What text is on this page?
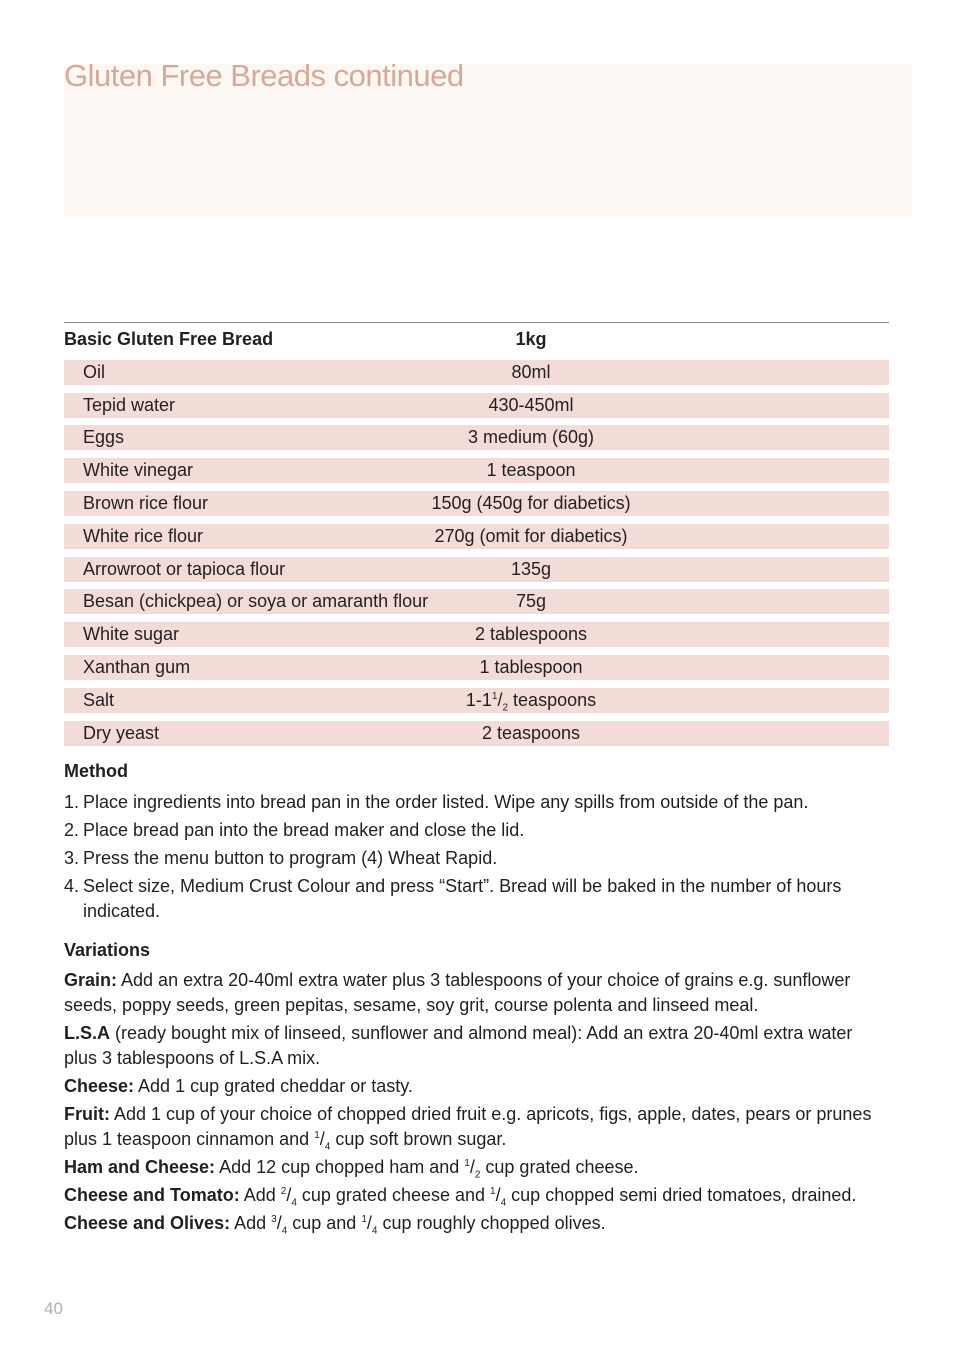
Gluten Free Breads continued
Basic Gluten Free Bread	1kg
Oil	80ml
Tepid water	430-450ml
Eggs	3 medium (60g)
White vinegar	1 teaspoon
Brown rice flour	150g (450g for diabetics)
White rice flour	270g (omit for diabetics)
Arrowroot or tapioca flour	135g
Besan (chickpea) or soya or amaranth flour	75g
White sugar	2 tablespoons
Xanthan gum	1 tablespoon
Salt	$1-1^1/_2$ teaspoons
Dry yeast	2 teaspoons
Method
1. Place ingredients into bread pan in the order listed. Wipe any spills from outside of the pan.
2. Place bread pan into the bread maker and close the lid.
3. Press the menu button to program (4) Wheat Rapid.
4. Select size, Medium Crust Colour and press “Start”. Bread will be baked in the number of hours indicated.
Variations

Grain: Add an extra 20-40ml extra water plus 3 tablespoons of your choice of grains e.g. sunflower seeds, poppy seeds, green pepitas, sesame, soy grit, course polenta and linseed meal.

L.S.A (ready bought mix of linseed, sunflower and almond meal): Add an extra 20-40ml extra water plus 3 tablespoons of L.S.A mix.

Cheese: Add 1 cup grated cheddar or tasty.

Fruit: Add 1 cup of your choice of chopped dried fruit e.g. apricots, figs, apple, dates, pears or prunes plus 1 teaspoon cinnamon and $^1/_4$ cup soft brown sugar.

Ham and Cheese: Add 12 cup chopped ham and $^1/_2$ cup grated cheese.

Cheese and Tomato: Add $^2/_4$ cup grated cheese and $^1/_4$ cup chopped semi dried tomatoes, drained.

Cheese and Olives: Add $^3/_4$ cup and $^1/_4$ cup roughly chopped olives.

40
